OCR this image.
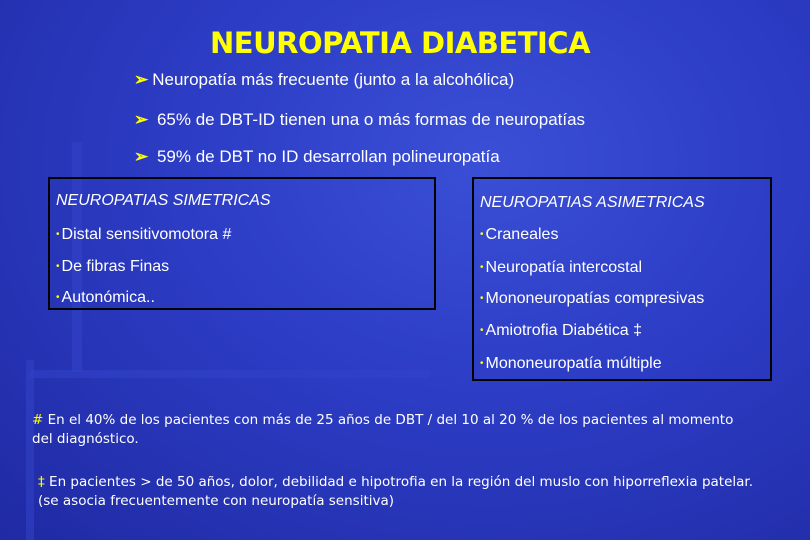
NEUROPATIA DIABETICA
➢ Neuropatía más frecuente (junto a la alcohólica)
➢ 65% de DBT-ID tienen una o más formas de neuropatías
➢ 59% de DBT no ID desarrollan polineuropatía
NEUROPATIAS SIMETRICAS
• Distal sensitivomotora #
• De fibras Finas
• Autonómica..
NEUROPATIAS ASIMETRICAS
• Craneales
• Neuropatía intercostal
• Mononeuropatías compresivas
• Amiotrofia Diabética ‡
• Mononeuropatía múltiple
# En el 40% de los pacientes con más de 25 años de DBT / del 10 al 20 % de los pacientes al momento del diagnóstico.
‡ En pacientes > de 50 años, dolor, debilidad e hipotrofia en la región del muslo con hiporreflexia patelar. (se asocia frecuentemente con neuropatía sensitiva)
